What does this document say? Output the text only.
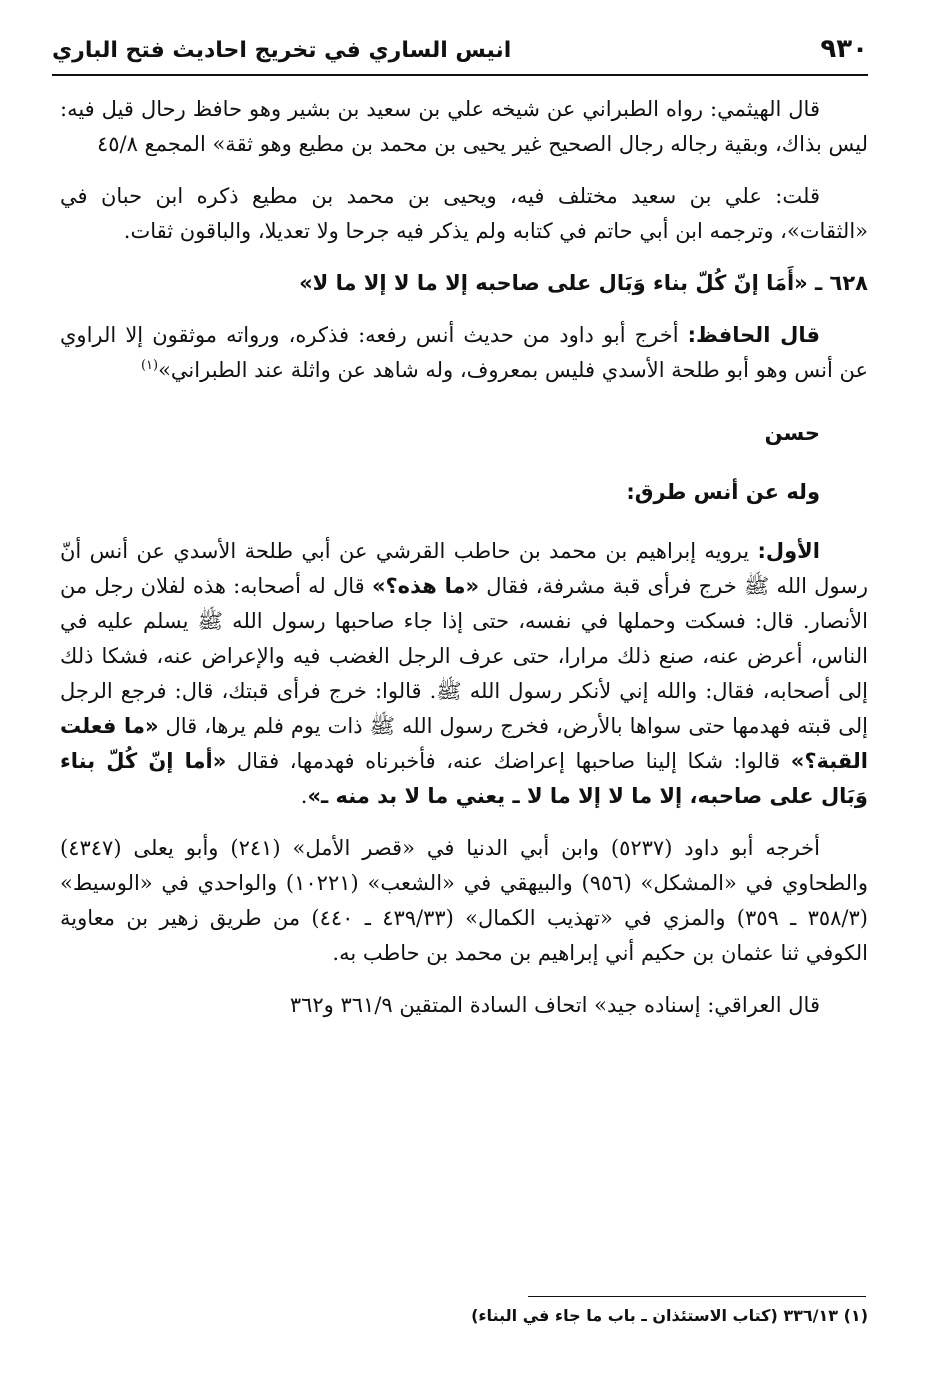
٩٣٠
انيس الساري في تخريج احاديث فتح الباري

قال الهيثمي: رواه الطبراني عن شيخه علي بن سعيد بن بشير وهو حافظ رحال قيل فيه: ليس بذاك، وبقية رجاله رجال الصحيح غير يحيى بن محمد بن مطيع وهو ثقة» المجمع ٤٥/٨

قلت: علي بن سعيد مختلف فيه، ويحيى بن محمد بن مطيع ذكره ابن حبان في «الثقات»، وترجمه ابن أبي حاتم في كتابه ولم يذكر فيه جرحا ولا تعديلا، والباقون ثقات.

٦٢٨ ـ «أَمَا إنّ كُلّ بناء وَبَال على صاحبه إلا ما لا إلا ما لا»

قال الحافظ: أخرج أبو داود من حديث أنس رفعه: فذكره، ورواته موثقون إلا الراوي عن أنس وهو أبو طلحة الأسدي فليس بمعروف، وله شاهد عن واثلة عند الطبراني»$^{(١)}$

حسن

وله عن أنس طرق:

الأول: يرويه إبراهيم بن محمد بن حاطب القرشي عن أبي طلحة الأسدي عن أنس أنّ رسول الله ﷺ خرج فرأى قبة مشرفة، فقال «ما هذه؟» قال له أصحابه: هذه لفلان رجل من الأنصار. قال: فسكت وحملها في نفسه، حتى إذا جاء صاحبها رسول الله ﷺ يسلم عليه في الناس، أعرض عنه، صنع ذلك مرارا، حتى عرف الرجل الغضب فيه والإعراض عنه، فشكا ذلك إلى أصحابه، فقال: والله إني لأنكر رسول الله ﷺ. قالوا: خرج فرأى قبتك، قال: فرجع الرجل إلى قبته فهدمها حتى سواها بالأرض، فخرج رسول الله ﷺ ذات يوم فلم يرها، قال «ما فعلت القبة؟» قالوا: شكا إلينا صاحبها إعراضك عنه، فأخبرناه فهدمها، فقال «أما إنّ كُلّ بناء وَبَال على صاحبه، إلا ما لا إلا ما لا ـ يعني ما لا بد منه ـ».

أخرجه أبو داود (٥٢٣٧) وابن أبي الدنيا في «قصر الأمل» (٢٤١) وأبو يعلى (٤٣٤٧) والطحاوي في «المشكل» (٩٥٦) والبيهقي في «الشعب» (١٠٢٢١) والواحدي في «الوسيط» (٣٥٨/٣ ـ ٣٥٩) والمزي في «تهذيب الكمال» (٤٣٩/٣٣ ـ ٤٤٠) من طريق زهير بن معاوية الكوفي ثنا عثمان بن حكيم أني إبراهيم بن محمد بن حاطب به.

قال العراقي: إسناده جيد» اتحاف السادة المتقين ٣٦١/٩ و٣٦٢

(١) ٣٣٦/١٣ (كتاب الاستئذان ـ باب ما جاء في البناء)
